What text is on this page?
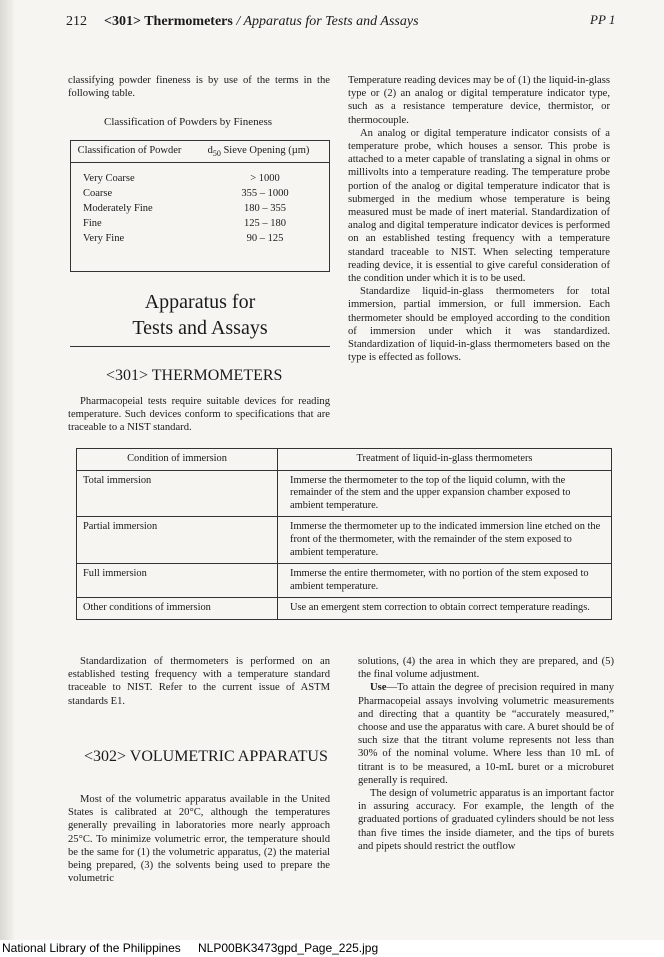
212 <301> Thermometers / Apparatus for Tests and Assays	PP 1

classifying powder fineness is by use of the terms in the following table.

Classification of Powders by Fineness
Classification of Powder	$d_{50}$ Sieve Opening (µm)
Very Coarse	> 1000
Coarse	355 – 1000
Moderately Fine	180 – 355
Fine	125 – 180
Very Fine	90 – 125
Apparatus for
Tests and Assays
<301> THERMOMETERS

Pharmacopeial tests require suitable devices for reading temperature. Such devices conform to specifications that are traceable to a NIST standard.

Temperature reading devices may be of (1) the liquid-in-glass type or (2) an analog or digital temperature indicator type, such as a resistance temperature device, thermistor, or thermocouple.

An analog or digital temperature indicator consists of a temperature probe, which houses a sensor. This probe is attached to a meter capable of translating a signal in ohms or millivolts into a temperature reading. The temperature probe portion of the analog or digital temperature indicator that is submerged in the medium whose temperature is being measured must be made of inert material. Standardization of analog and digital temperature indicator devices is performed on an established testing frequency with a temperature standard traceable to NIST. When selecting temperature reading device, it is essential to give careful consideration of the condition under which it is to be used.

Standardize liquid-in-glass thermometers for total immersion, partial immersion, or full immersion. Each thermometer should be employed according to the condition of immersion under which it was standardized. Standardization of liquid-in-glass thermometers based on the type is effected as follows.

Condition of immersion	Treatment of liquid-in-glass thermometers
Total immersion	Immerse the thermometer to the top of the liquid column, with the remainder of the stem and the upper expansion chamber exposed to ambient temperature.
Partial immersion	Immerse the thermometer up to the indicated immersion line etched on the front of the thermometer, with the remainder of the stem exposed to ambient temperature.
Full immersion	Immerse the entire thermometer, with no portion of the stem exposed to ambient temperature.
Other conditions of immersion	Use an emergent stem correction to obtain correct temperature readings.

Standardization of thermometers is performed on an established testing frequency with a temperature standard traceable to NIST. Refer to the current issue of ASTM standards E1.

<302> VOLUMETRIC APPARATUS

Most of the volumetric apparatus available in the United States is calibrated at 20°C, although the temperatures generally prevailing in laboratories more nearly approach 25°C. To minimize volumetric error, the temperature should be the same for (1) the volumetric apparatus, (2) the material being prepared, (3) the solvents being used to prepare the volumetric

solutions, (4) the area in which they are prepared, and (5) the final volume adjustment.

Use—To attain the degree of precision required in many Pharmacopeial assays involving volumetric measurements and directing that a quantity be “accurately measured,” choose and use the apparatus with care. A buret should be of such size that the titrant volume represents not less than 30% of the nominal volume. Where less than 10 mL of titrant is to be measured, a 10-mL buret or a microburet generally is required.

The design of volumetric apparatus is an important factor in assuring accuracy. For example, the length of the graduated portions of graduated cylinders should be not less than five times the inside diameter, and the tips of burets and pipets should restrict the outflow

National Library of the Philippines NLP00BK3473gpd_Page_225.jpg
